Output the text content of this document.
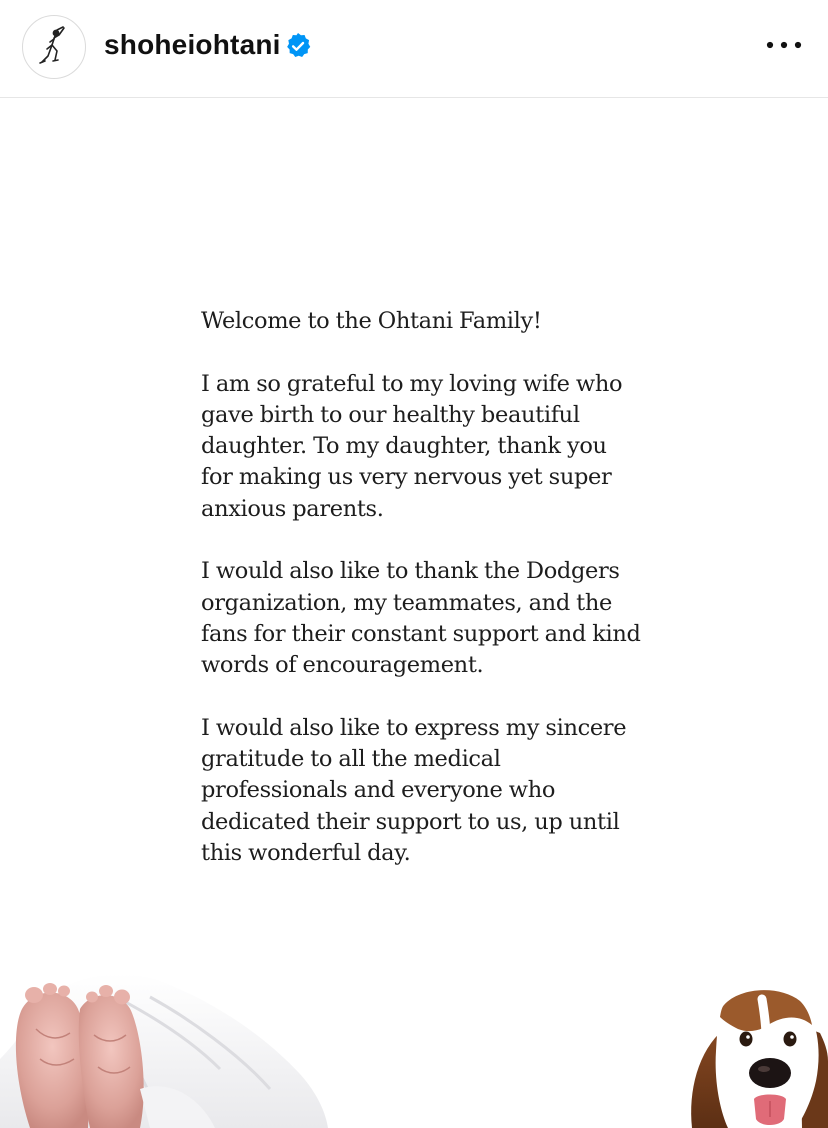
shoheiohtani

Welcome to the Ohtani Family!

I am so grateful to my loving wife who gave birth to our healthy beautiful daughter. To my daughter, thank you for making us very nervous yet super anxious parents.

I would also like to thank the Dodgers organization, my teammates, and the fans for their constant support and kind words of encouragement.

I would also like to express my sincere gratitude to all the medical professionals and everyone who dedicated their support to us, up until this wonderful day.
